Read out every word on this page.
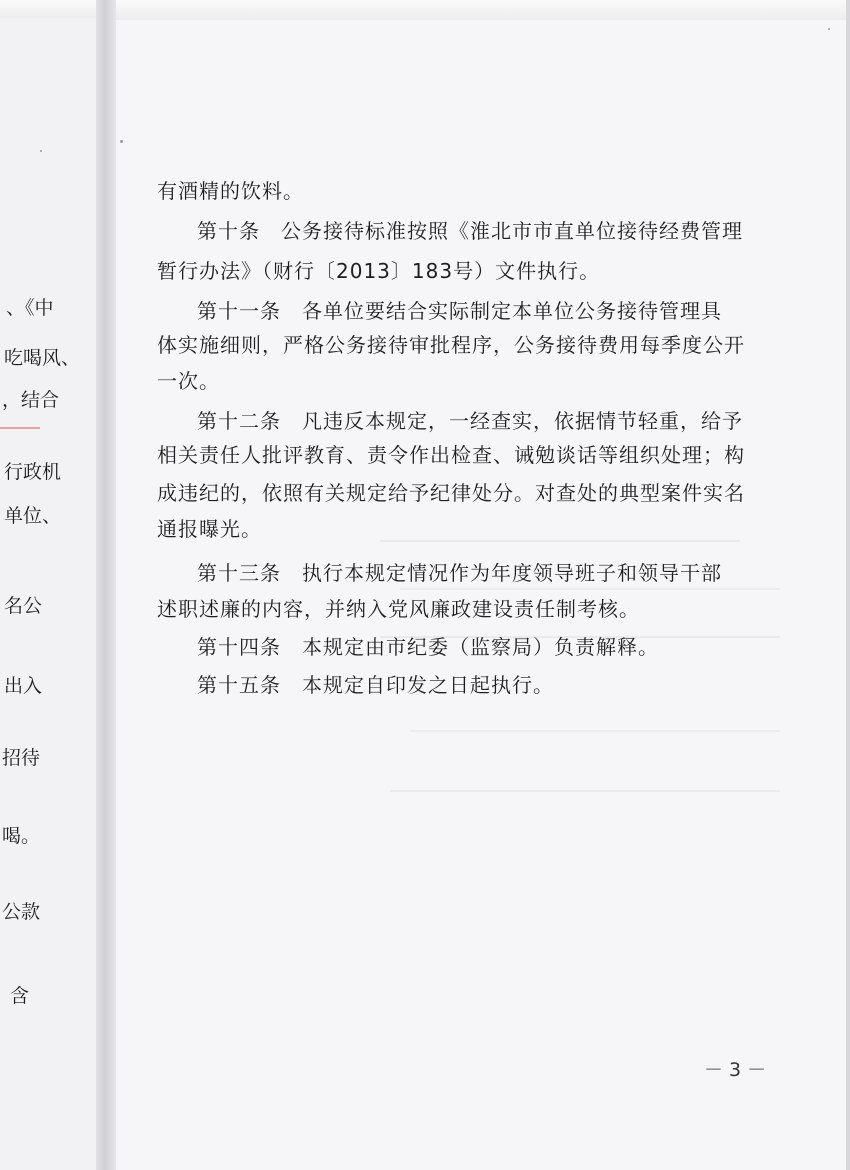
、《中

吃喝风、

，结合

行政机

单位、

名公

出入

招待

喝。

公款

含

有酒精的饮料。

第十条　公务接待标准按照《淮北市市直单位接待经费管理

暂行办法》（财行〔2013〕183号）文件执行。

第十一条　各单位要结合实际制定本单位公务接待管理具

体实施细则，严格公务接待审批程序，公务接待费用每季度公开

一次。

第十二条　凡违反本规定，一经查实，依据情节轻重，给予

相关责任人批评教育、责令作出检查、诫勉谈话等组织处理；构

成违纪的，依照有关规定给予纪律处分。对查处的典型案件实名

通报曝光。

第十三条　执行本规定情况作为年度领导班子和领导干部

述职述廉的内容，并纳入党风廉政建设责任制考核。

第十四条　本规定由市纪委（监察局）负责解释。

第十五条　本规定自印发之日起执行。

－ 3 －
